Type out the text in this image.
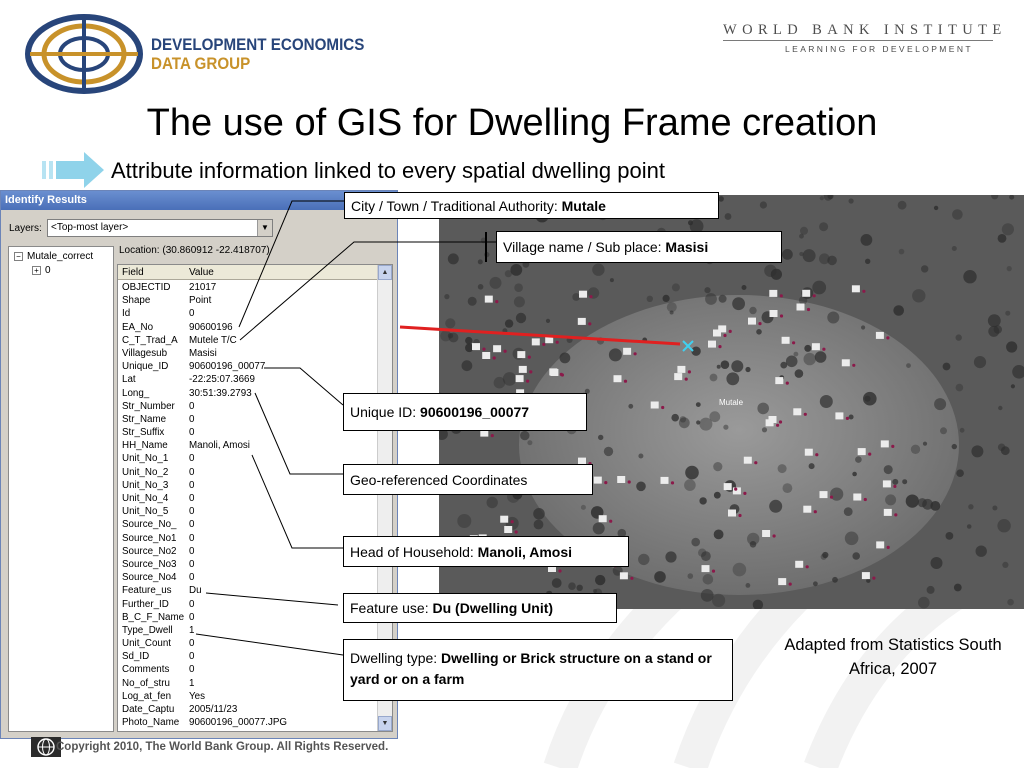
DEVELOPMENT ECONOMICS
DATA GROUP
WORLD BANK INSTITUTE
LEARNING FOR DEVELOPMENT
The use of GIS for Dwelling Frame creation
Attribute information linked to every spatial dwelling point
Mutale
Identify Results
Layers: <Top-most layer>	▼
− Mutale_correct
+ 0
Location: (30.860912 -22.418707)
Field	Value
OBJECTID 21017
Shape	Point
Id	0
EA_No	90600196
C_T_Trad_A Mutele T/C
Villagesub Masisi
Unique_ID 90600196_00077
Lat	-22:25:07.3669
Long_	30:51:39.2793
Str_Number 0
Str_Name 0
Str_Suffix	0
HH_Name Manoli, Amosi
Unit_No_1 0
Unit_No_2 0
Unit_No_3 0
Unit_No_4 0
Unit_No_5 0
Source_No_ 0
Source_No1 0
Source_No2 0
Source_No3 0
Source_No4 0
Feature_us Du
Further_ID 0
B_C_F_Name 0
Type_Dwell 1
Unit_Count 0
Sd_ID	0
Comments 0
No_of_stru 1
Log_at_fen Yes
Date_Captu 2005/11/23
Photo_Name 90600196_00077.JPG
▲
▼
City / Town / Traditional Authority:
Mutale
Village name / Sub place:
Masisi
Unique ID:
90600196_00077
Geo-referenced Coordinates
Head of Household:
Manoli, Amosi
Feature use:
Du (Dwelling Unit)
Dwelling type: Dwelling or Brick structure on a stand or yard or on a farm
Adapted from Statistics South Africa, 2007
Copyright 2010, The World Bank Group. All Rights Reserved.
